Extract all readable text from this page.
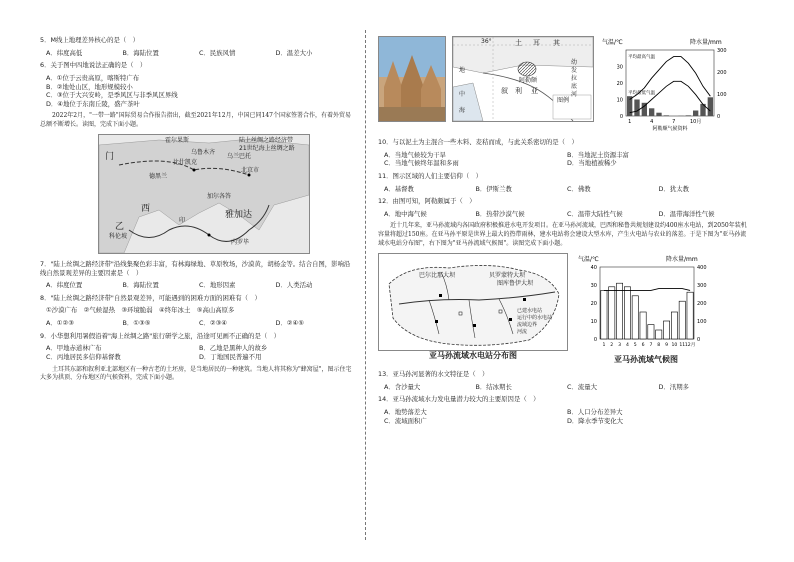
5．M线上地理差异核心的是（　）
A．纬度高低	B．海陆位置	C．民族风情	D．温差大小
6．关于图中四地说法正确的是（　）
A．①位于云贵高原，喀斯特广布
B．②地处山区，地形规模较小
C．③位于大兴安岭，是季风区与非季风区界线
D．④地位于东南丘陵，盛产茶叶
2022年2月，"一带一路"国际贸易合作报告指出，截至2021年12月，中国已同147个国家签署合作，有着外贸易总额不断增长。读图，完成下面小题。
陆上丝绸之路经济带
21世纪海上丝绸之路
门
霍尔果斯
比什凯克
北京市
乌鲁木齐
加尔各答
德黑兰
乌兰巴托
西
印
科伦坡
内罗毕
雅加达
乙
7．"陆上丝绸之路经济带"沿线集聚色彩丰富，有林海绿地、草原牧场，沙漠黄，胡杨金等。结合自图，影响沿线自然景观差异的主要因素是（　）
A．纬度位置	B．海陆位置	C．地形因素	D．人类活动
8．"陆上丝绸之路经济带"自然景观差异，可能遇到的困难方面的困难有（　）
①沙漠广布　②气候湿热　③环境脆弱　④终年冰土　⑤高山高原多
A．①②③	B．①③⑤	C．②③④	D．②④⑤
9．小华想利用暑假沿着"海上丝绸之路"旅行研学之旅，沿途可见画不正确的是（　）
A．甲地赤道林广布	B．乙地是黑种人的故乡
C．丙地居民多信仰基督教	D．丁地国民普遍不用
土耳其东部和叙利亚北部地区有一种古老的土坯房，是当地居民的一种建筑。当地人将其称为"蜂窝屋"，图示住宅大多为拱顶、分布地区的气候资料，完成下面小题。
36°	土 耳 其
叙 利 亚
地
中
海
幼
发
拉
底
河
阿勒颇
图例
气温/℃	降水量/mm
0
10
20
30
0
100
200
300
平均最高气温
平均最低气温
1	4	7	10月
阿勒颇气候资料
10．与以泥土为主混合一些木料、麦秸而成，与此关系密切的是（　）
A．当地气候较为干旱	B．当地泥土资源丰富
C．当地气候终年温和多雨	D．当地植被稀少
11．图示区域的人们主要信仰（　）
A．基督教	B．伊斯兰教	C．佛教	D．犹太教
12．由图可知，阿勒颇属于（　）
A．地中海气候	B．热带沙漠气候	C．温带大陆性气候	D．温带海洋性气候
近十几年来，亚马孙流域内各国政府积极推进水电开发项目。在亚马孙河流域，巴西和秘鲁共规划建设约400座水电站，到2050年装机容量将超过150座。在亚马孙平原是世界上最大的热带雨林，建水电站将会建设大型水库，产生火电站与农业的落差。于是下图为"亚马孙流域水电站分布图"，右下图为"亚马孙流域气候图"。读图完成下面小题。
巴尔比那大坝	贝罗蒙特大坝
图库鲁伊大坝
已建水电站
运行中的水电站
流域边界
河流
亚马孙流域水电站分布图
气温/℃	降水量/mm
0
10
20
30
40
0
100
200
300
400
1 2 3 4 5 6 7 8 9 10 11 12月
亚马孙流域气候图
13．亚马孙河显著的水文特征是（　）
A．含沙量大	B．结冰期长	C．流量大	D．汛期多
14．亚马孙流域水力发电量潜力较大的主要原因是（　）
A．地势落差大	B．人口分布差异大
C．流域面积广	D．降水季节变化大
